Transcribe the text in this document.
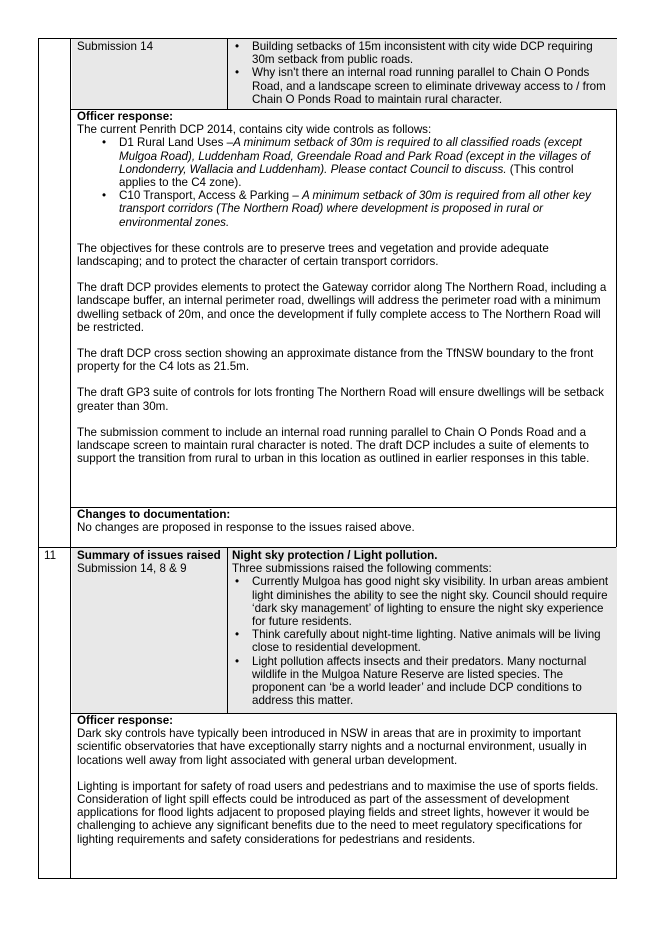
11

Submission 14	• Building setbacks of 15m inconsistent with city wide DCP requiring 30m setback from public roads.
• Why isn't there an internal road running parallel to Chain O Ponds Road, and a landscape screen to eliminate driveway access to / from Chain O Ponds Road to maintain rural character.

Officer response:

The current Penrith DCP 2014, contains city wide controls as follows:

• D1 Rural Land Uses –A minimum setback of 30m is required to all classified roads (except Mulgoa Road), Luddenham Road, Greendale Road and Park Road (except in the villages of Londonderry, Wallacia and Luddenham). Please contact Council to discuss. (This control applies to the C4 zone).
• C10 Transport, Access & Parking – A minimum setback of 30m is required from all other key transport corridors (The Northern Road) where development is proposed in rural or environmental zones.

The objectives for these controls are to preserve trees and vegetation and provide adequate landscaping; and to protect the character of certain transport corridors.

The draft DCP provides elements to protect the Gateway corridor along The Northern Road, including a landscape buffer, an internal perimeter road, dwellings will address the perimeter road with a minimum dwelling setback of 20m, and once the development if fully complete access to The Northern Road will be restricted.

The draft DCP cross section showing an approximate distance from the TfNSW boundary to the front property for the C4 lots as 21.5m.

The draft GP3 suite of controls for lots fronting The Northern Road will ensure dwellings will be setback greater than 30m.

The submission comment to include an internal road running parallel to Chain O Ponds Road and a landscape screen to maintain rural character is noted. The draft DCP includes a suite of elements to support the transition from rural to urban in this location as outlined in earlier responses in this table.

Changes to documentation:

No changes are proposed in response to the issues raised above.

Summary of issues raised

Submission 14, 8 & 9

Night sky protection / Light pollution.

Three submissions raised the following comments:

• Currently Mulgoa has good night sky visibility. In urban areas ambient light diminishes the ability to see the night sky. Council should require ‘dark sky management’ of lighting to ensure the night sky experience for future residents.
• Think carefully about night-time lighting. Native animals will be living close to residential development.
• Light pollution affects insects and their predators. Many nocturnal wildlife in the Mulgoa Nature Reserve are listed species. The proponent can ‘be a world leader’ and include DCP conditions to address this matter.

Officer response:

Dark sky controls have typically been introduced in NSW in areas that are in proximity to important scientific observatories that have exceptionally starry nights and a nocturnal environment, usually in locations well away from light associated with general urban development.

Lighting is important for safety of road users and pedestrians and to maximise the use of sports fields. Consideration of light spill effects could be introduced as part of the assessment of development applications for flood lights adjacent to proposed playing fields and street lights, however it would be challenging to achieve any significant benefits due to the need to meet regulatory specifications for lighting requirements and safety considerations for pedestrians and residents.
